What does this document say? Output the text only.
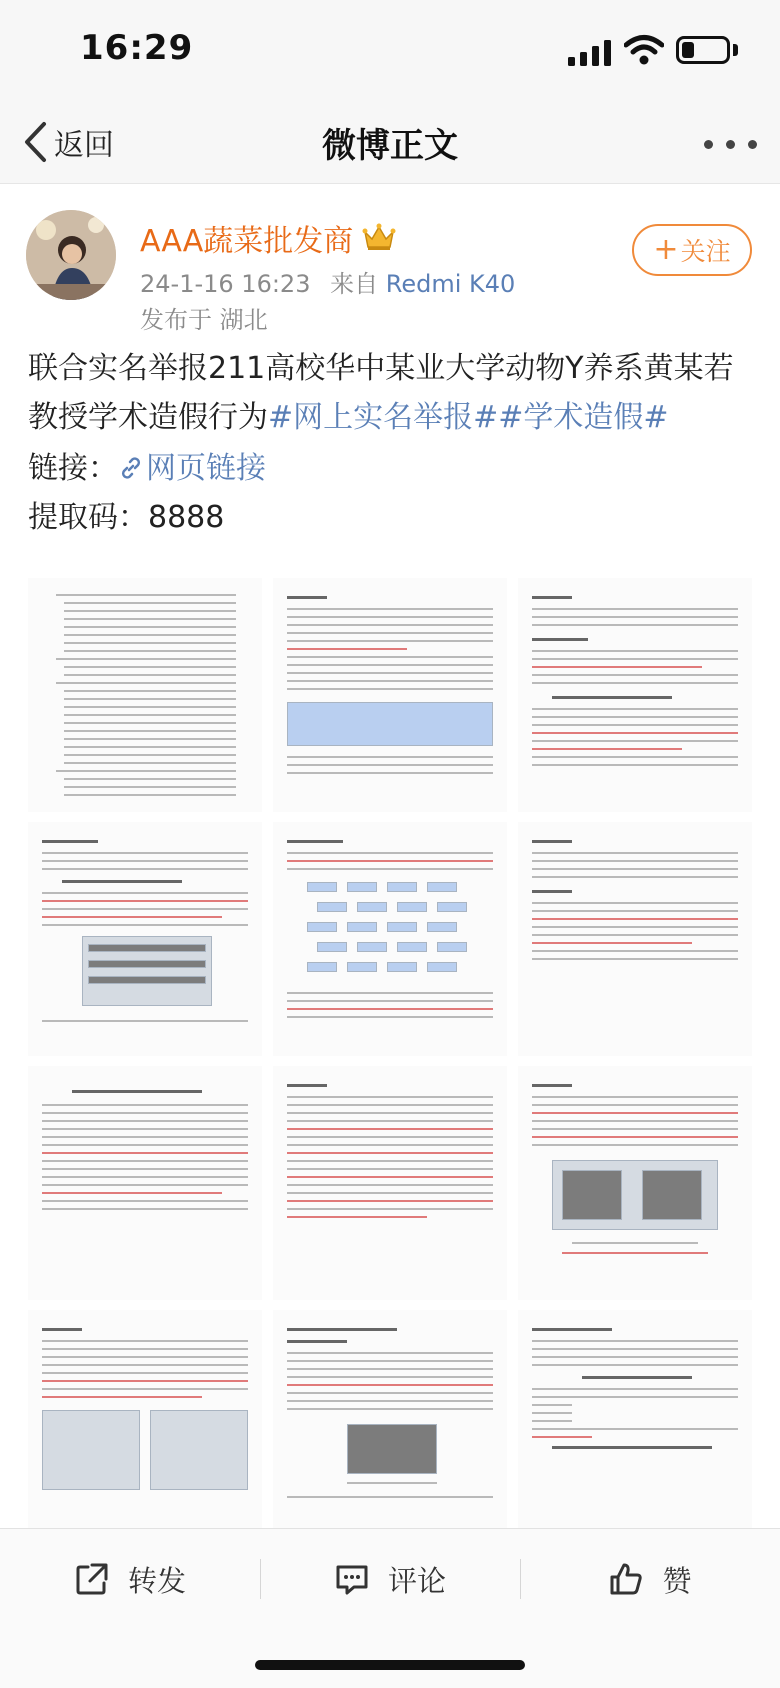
16:29
返回	微博正文
AAA蔬菜批发商
24-1-16 16:23 来自 Redmi K40
发布于 湖北
+ 关注
联合实名举报211高校华中某业大学动物Y养系黄某若教授学术造假行为#网上实名举报##学术造假#
链接： 网页链接
提取码：8888
转发	评论	赞
